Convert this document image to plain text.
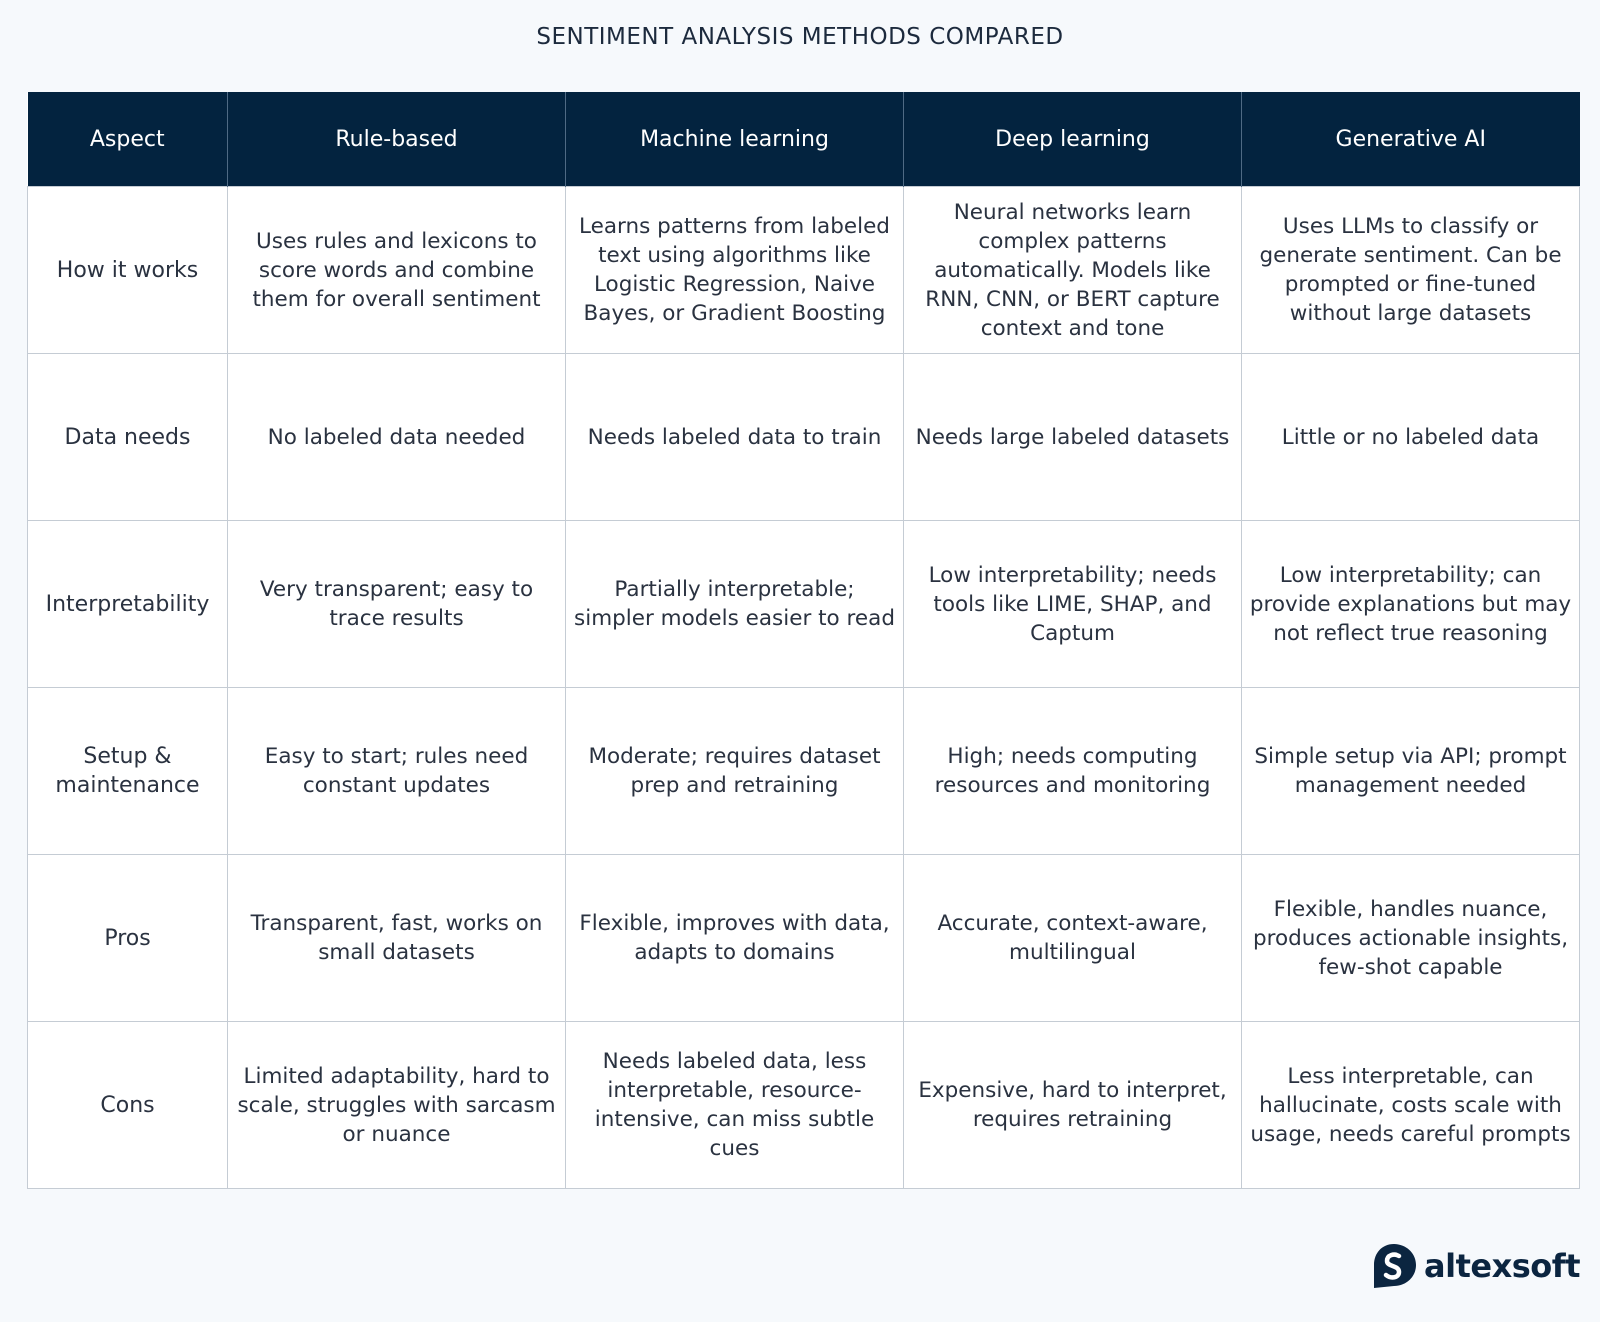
SENTIMENT ANALYSIS METHODS COMPARED
Aspect	Rule-based	Machine learning	Deep learning	Generative AI
How it works	Uses rules and lexicons to score words and combine them for overall sentiment	Learns patterns from labeled text using algorithms like Logistic Regression, Naive Bayes, or Gradient Boosting	Neural networks learn complex patterns automatically. Models like RNN, CNN, or BERT capture context and tone	Uses LLMs to classify or generate sentiment. Can be prompted or fine-tuned without large datasets
Data needs	No labeled data needed	Needs labeled data to train	Needs large labeled datasets	Little or no labeled data
Interpretability	Very transparent; easy to trace results	Partially interpretable; simpler models easier to read	Low interpretability; needs tools like LIME, SHAP, and Captum	Low interpretability; can provide explanations but may not reflect true reasoning
Setup & maintenance	Easy to start; rules need constant updates	Moderate; requires dataset prep and retraining	High; needs computing resources and monitoring	Simple setup via API; prompt management needed
Pros	Transparent, fast, works on small datasets	Flexible, improves with data, adapts to domains	Accurate, context-aware, multilingual	Flexible, handles nuance, produces actionable insights, few-shot capable
Cons	Limited adaptability, hard to scale, struggles with sarcasm or nuance	Needs labeled data, less interpretable, resource-intensive, can miss subtle cues	Expensive, hard to interpret, requires retraining	Less interpretable, can hallucinate, costs scale with usage, needs careful prompts
altexsoft
